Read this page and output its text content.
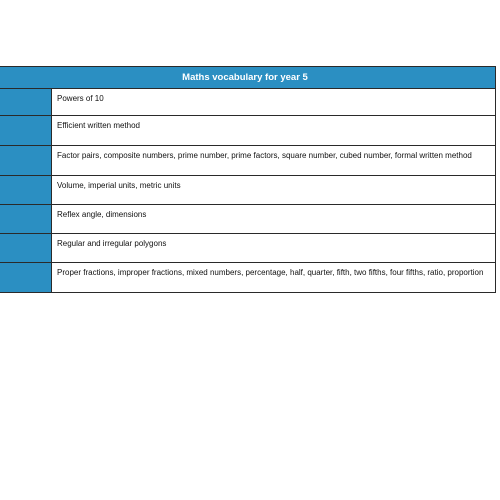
Maths vocabulary for year 5	

	Powers of 10

	Efficient written method

	Factor pairs, composite numbers, prime number, prime factors, square number, cubed number, formal written method

	Volume, imperial units, metric units

	Reflex angle, dimensions

	Regular and irregular polygons

	Proper fractions, improper fractions, mixed numbers, percentage, half, quarter, fifth, two fifths, four fifths, ratio, proportion
